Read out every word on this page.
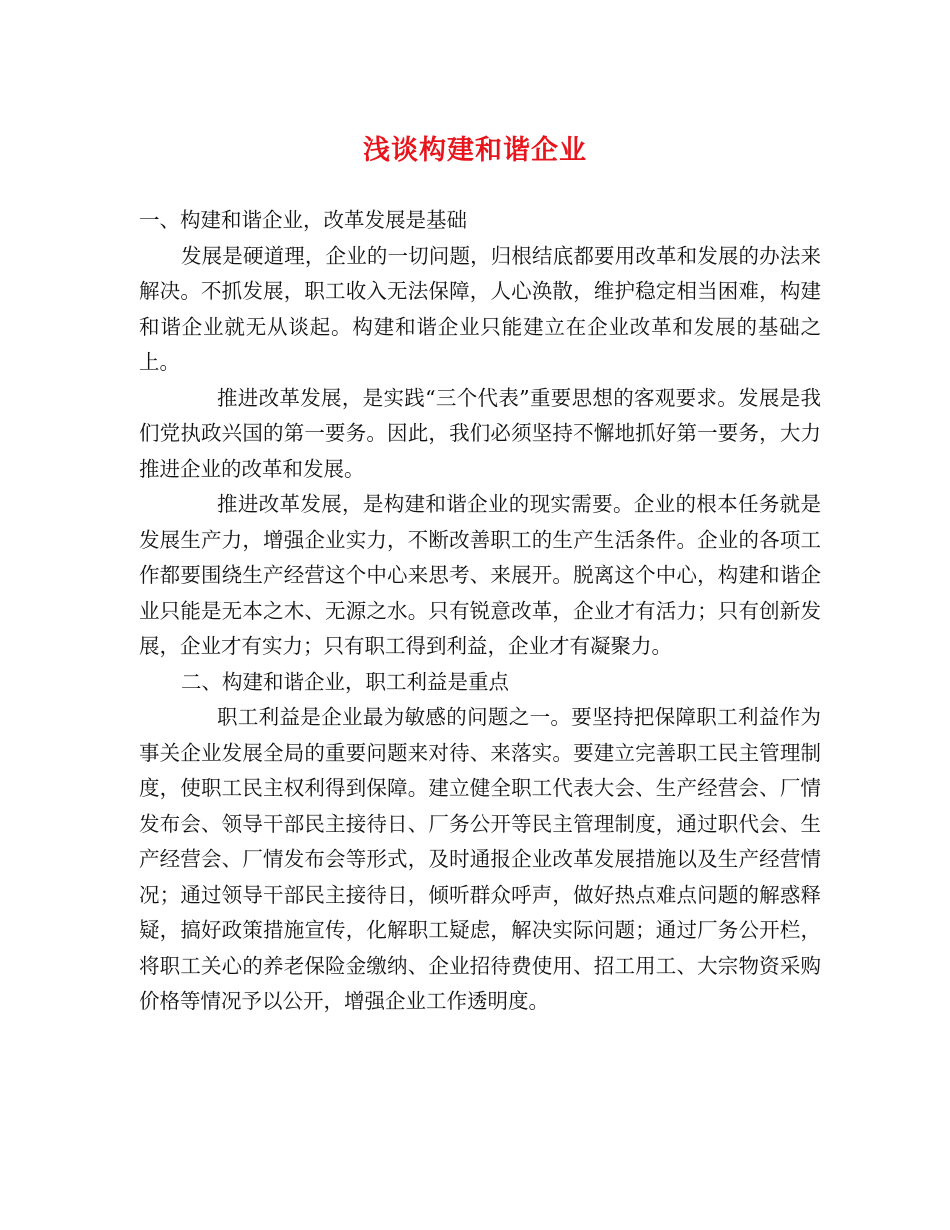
浅谈构建和谐企业

一、构建和谐企业，改革发展是基础

发展是硬道理，企业的一切问题，归根结底都要用改革和发展的办法来解决。不抓发展，职工收入无法保障，人心涣散，维护稳定相当困难，构建和谐企业就无从谈起。构建和谐企业只能建立在企业改革和发展的基础之上。

推进改革发展，是实践“三个代表”重要思想的客观要求。发展是我们党执政兴国的第一要务。因此，我们必须坚持不懈地抓好第一要务，大力推进企业的改革和发展。

推进改革发展，是构建和谐企业的现实需要。企业的根本任务就是发展生产力，增强企业实力，不断改善职工的生产生活条件。企业的各项工作都要围绕生产经营这个中心来思考、来展开。脱离这个中心，构建和谐企业只能是无本之木、无源之水。只有锐意改革，企业才有活力；只有创新发展，企业才有实力；只有职工得到利益，企业才有凝聚力。

二、构建和谐企业，职工利益是重点

职工利益是企业最为敏感的问题之一。要坚持把保障职工利益作为事关企业发展全局的重要问题来对待、来落实。要建立完善职工民主管理制度，使职工民主权利得到保障。建立健全职工代表大会、生产经营会、厂情发布会、领导干部民主接待日、厂务公开等民主管理制度，通过职代会、生产经营会、厂情发布会等形式，及时通报企业改革发展措施以及生产经营情况；通过领导干部民主接待日，倾听群众呼声，做好热点难点问题的解惑释疑，搞好政策措施宣传，化解职工疑虑，解决实际问题；通过厂务公开栏，将职工关心的养老保险金缴纳、企业招待费使用、招工用工、大宗物资采购价格等情况予以公开，增强企业工作透明度。
